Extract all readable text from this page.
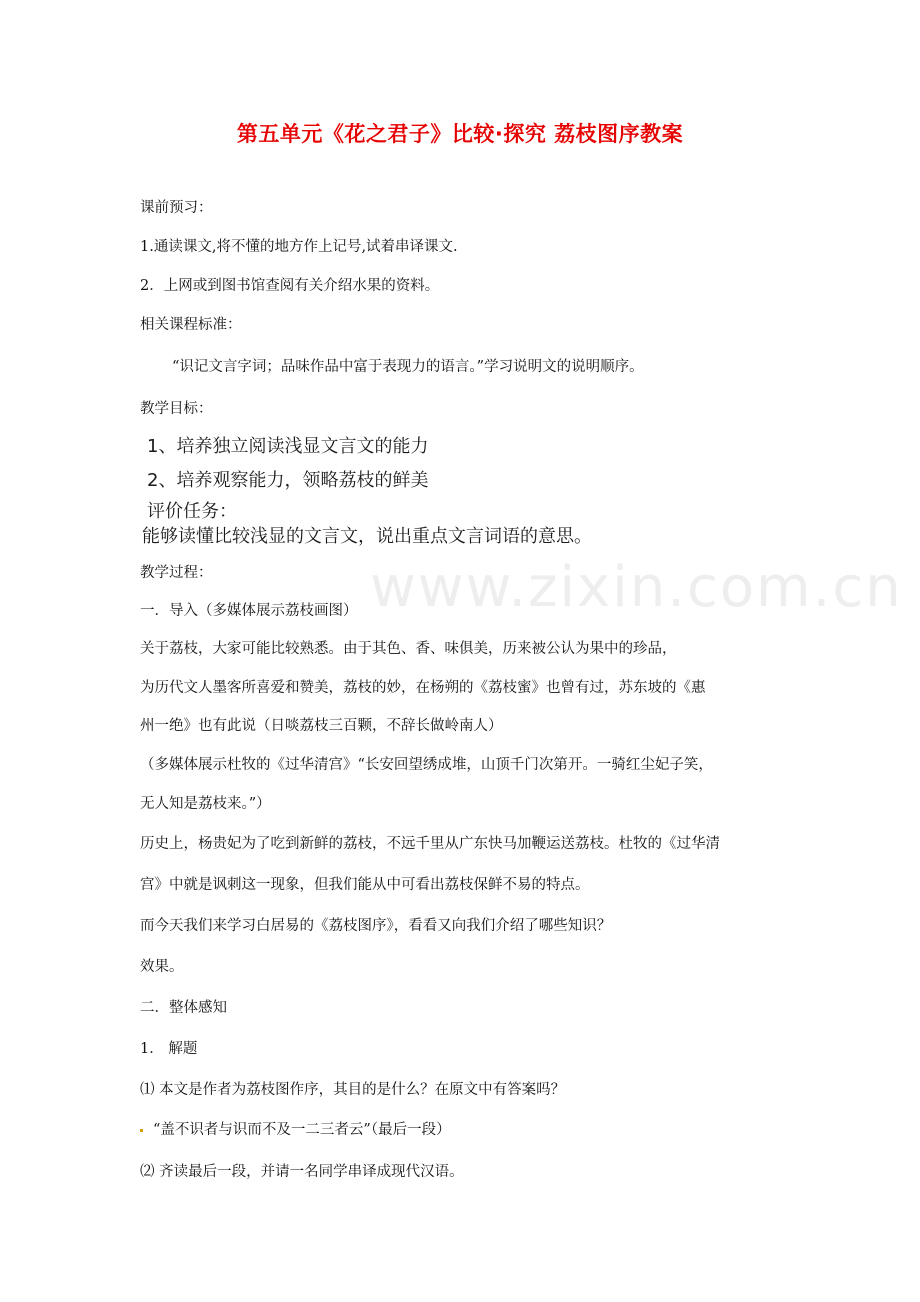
www.zixin.com.cn
第五单元《花之君子》比较·探究 荔枝图序教案
课前预习：
1.通读课文,将不懂的地方作上记号,试着串译课文.
2．上网或到图书馆查阅有关介绍水果的资料。
相关课程标准：
“识记文言字词；品味作品中富于表现力的语言。”学习说明文的说明顺序。
教学目标：
1、培养独立阅读浅显文言文的能力
2、培养观察能力，领略荔枝的鲜美
评价任务：
能够读懂比较浅显的文言文，说出重点文言词语的意思。
教学过程：
一．导入（多媒体展示荔枝画图）
关于荔枝，大家可能比较熟悉。由于其色、香、味俱美，历来被公认为果中的珍品，
为历代文人墨客所喜爱和赞美，荔枝的妙，在杨朔的《荔枝蜜》也曾有过，苏东坡的《惠
州一绝》也有此说（日啖荔枝三百颗，不辞长做岭南人）
（多媒体展示杜牧的《过华清宫》“长安回望绣成堆，山顶千门次第开。一骑红尘妃子笑，
无人知是荔枝来。”）
历史上，杨贵妃为了吃到新鲜的荔枝，不远千里从广东快马加鞭运送荔枝。杜牧的《过华清
宫》中就是讽刺这一现象，但我们能从中可看出荔枝保鲜不易的特点。
而今天我们来学习白居易的《荔枝图序》，看看又向我们介绍了哪些知识？
效果。
二．整体感知
1． 解题
⑴ 本文是作者为荔枝图作序，其目的是什么？在原文中有答案吗？
“盖不识者与识而不及一二三者云”（最后一段）
⑵ 齐读最后一段，并请一名同学串译成现代汉语。
